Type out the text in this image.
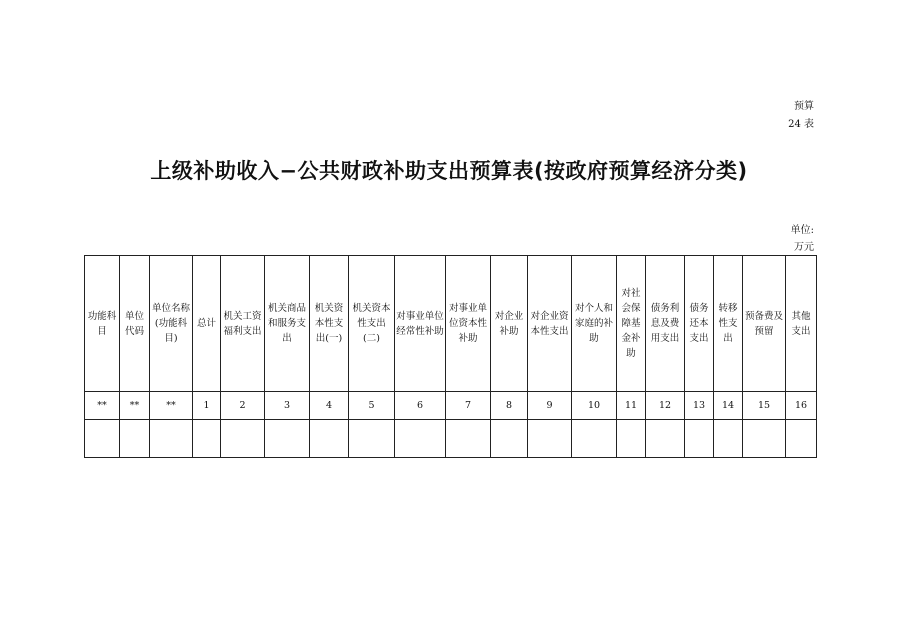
预算
24 表
上级补助收入−公共财政补助支出预算表(按政府预算经济分类)
单位:
万元
功能科目	单位代码	单位名称(功能科目)	总计	机关工资福利支出	机关商品和服务支出	机关资本性支出(一)	机关资本性支出(二)	对事业单位经常性补助	对事业单位资本性补助	对企业补助	对企业资本性支出	对个人和家庭的补助	对社会保障基金补助	债务利息及费用支出	债务还本支出	转移性支出	预备费及预留	其他支出
**	**	**	1	2	3	4	5	6	7	8	9	10	11	12	13	14	15	16
